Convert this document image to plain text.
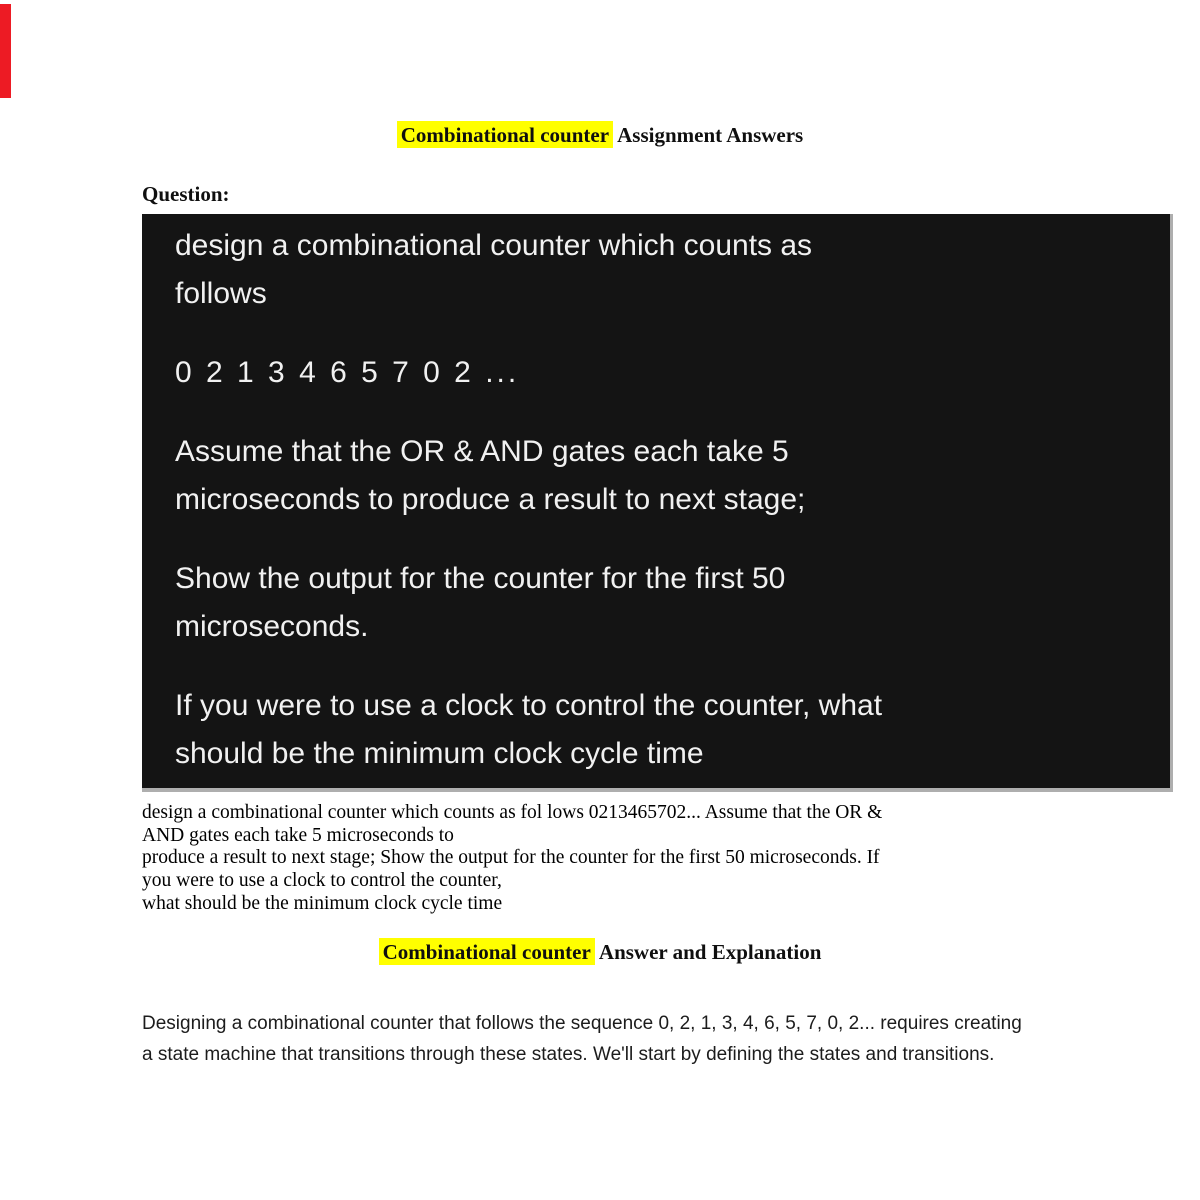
Combinational counter Assignment Answers
Question:
design a combinational counter which counts as
follows
0 2 1 3 4 6 5 7 0 2 ...
Assume that the OR & AND gates each take 5
microseconds to produce a result to next stage;
Show the output for the counter for the first 50
microseconds.
If you were to use a clock to control the counter, what
should be the minimum clock cycle time
design a combinational counter which counts as fol lows 0213465702... Assume that the OR &
AND gates each take 5 microseconds to
produce a result to next stage; Show the output for the counter for the first 50 microseconds. If
you were to use a clock to control the counter,
what should be the minimum clock cycle time
Combinational counter Answer and Explanation
Designing a combinational counter that follows the sequence 0, 2, 1, 3, 4, 6, 5, 7, 0, 2... requires creating
a state machine that transitions through these states. We'll start by defining the states and transitions.
